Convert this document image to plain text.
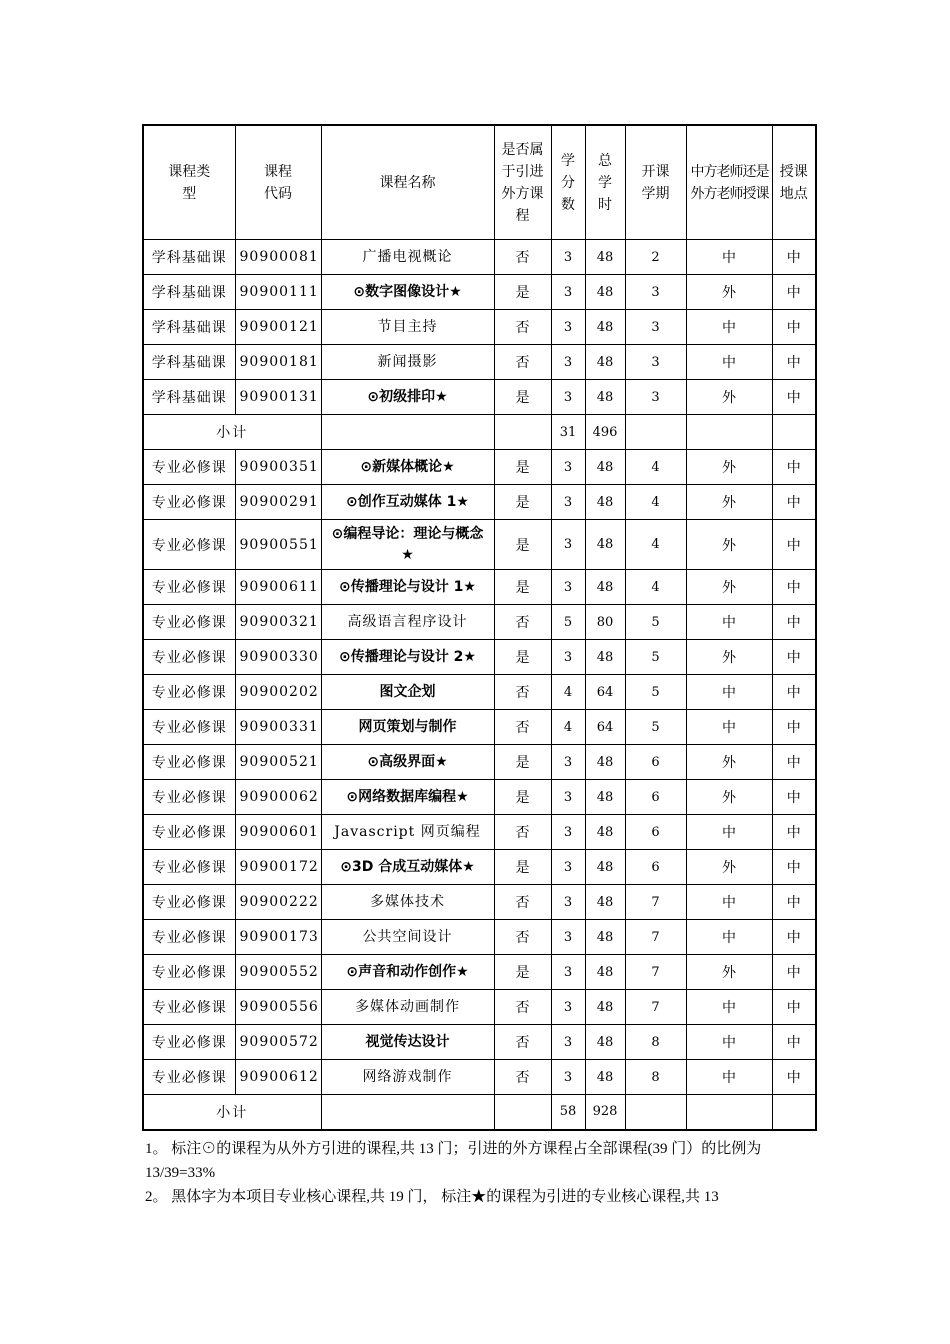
课程类型	课程代码	课程名称	是否属于引进外方课程	学分数	总学时	开课学期	中方老师还是外方老师授课	授课地点

学科基础课	90900081	广播电视概论	否	3	48	2	中	中
学科基础课	90900111	⊙数字图像设计★	是	3	48	3	外	中
学科基础课	90900121	节目主持	否	3	48	3	中	中
学科基础课	90900181	新闻摄影	否	3	48	3	中	中
学科基础课	90900131	⊙初级排印★	是	3	48	3	外	中
小计				31	496			
专业必修课	90900351	⊙新媒体概论★	是	3	48	4	外	中
专业必修课	90900291	⊙创作互动媒体 1★	是	3	48	4	外	中
专业必修课	90900551	⊙编程导论：理论与概念★	是	3	48	4	外	中
专业必修课	90900611	⊙传播理论与设计 1★	是	3	48	4	外	中
专业必修课	90900321	高级语言程序设计	否	5	80	5	中	中
专业必修课	90900330	⊙传播理论与设计 2★	是	3	48	5	外	中
专业必修课	90900202	图文企划	否	4	64	5	中	中
专业必修课	90900331	网页策划与制作	否	4	64	5	中	中
专业必修课	90900521	⊙高级界面★	是	3	48	6	外	中
专业必修课	90900062	⊙网络数据库编程★	是	3	48	6	外	中
专业必修课	90900601	Javascript 网页编程	否	3	48	6	中	中
专业必修课	90900172	⊙3D 合成互动媒体★	是	3	48	6	外	中
专业必修课	90900222	多媒体技术	否	3	48	7	中	中
专业必修课	90900173	公共空间设计	否	3	48	7	中	中
专业必修课	90900552	⊙声音和动作创作★	是	3	48	7	外	中
专业必修课	90900556	多媒体动画制作	否	3	48	7	中	中
专业必修课	90900572	视觉传达设计	否	3	48	8	中	中
专业必修课	90900612	网络游戏制作	否	3	48	8	中	中
小计				58	928			

1。 标注⊙的课程为从外方引进的课程,共 13 门；引进的外方课程占全部课程(39 门）的比例为 13/39=33%

2。 黑体字为本项目专业核心课程,共 19 门， 标注★的课程为引进的专业核心课程,共 13
